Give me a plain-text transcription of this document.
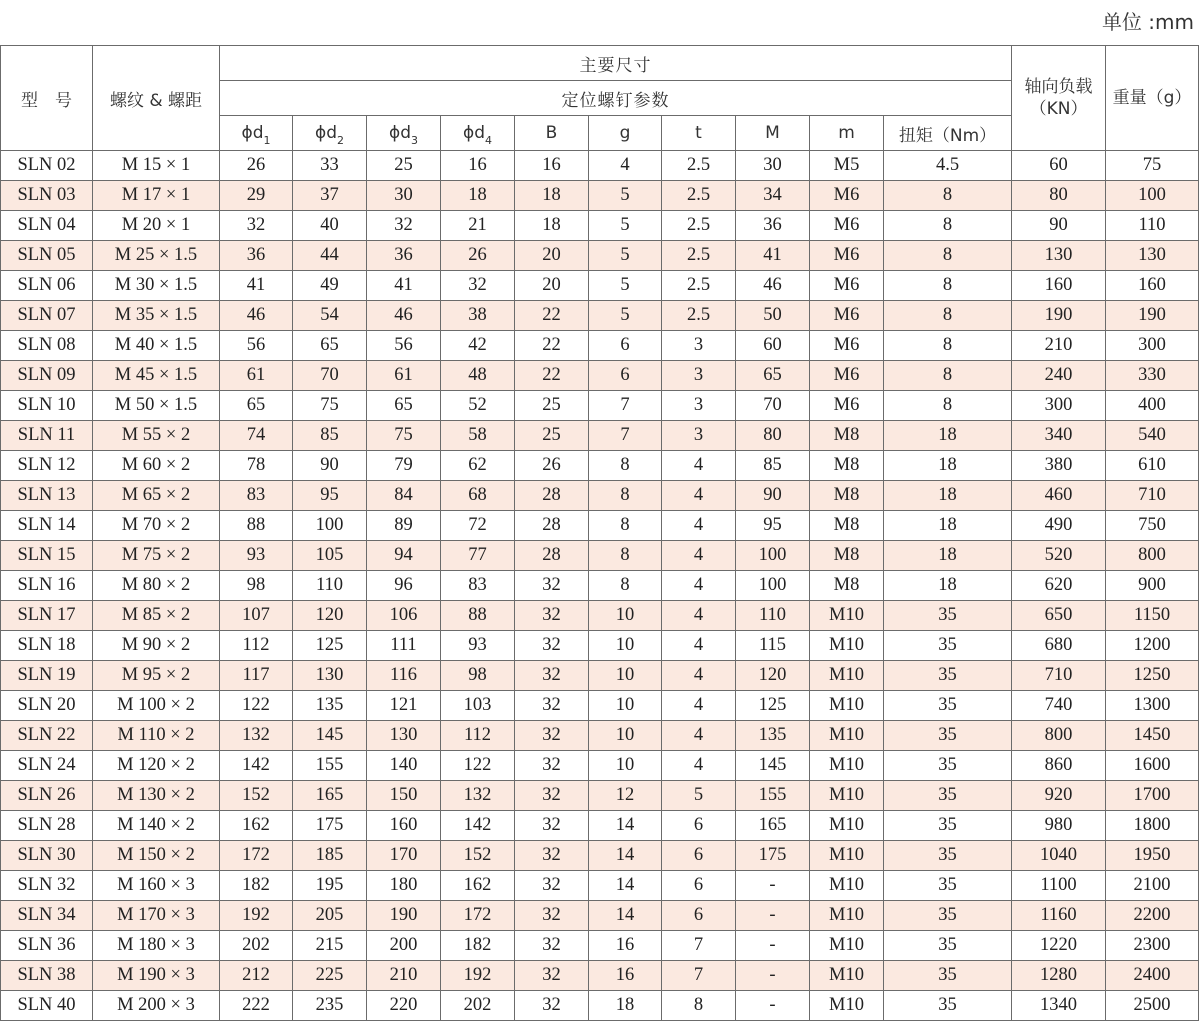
单位 :mm
型　号	螺纹 & 螺距	主要尺寸										轴向负载（KN）	重量（g）
		定位螺钉参数											
		$\phi d_1$	$\phi d_2$	$\phi d_3$	$\phi d_4$	B	g	t	M	m	扭矩（Nm）		
SLN 02	M 15 × 1	26	33	25	16	16	4	2.5	30	M5	4.5	60	75
SLN 03	M 17 × 1	29	37	30	18	18	5	2.5	34	M6	8	80	100
SLN 04	M 20 × 1	32	40	32	21	18	5	2.5	36	M6	8	90	110
SLN 05	M 25 × 1.5	36	44	36	26	20	5	2.5	41	M6	8	130	130
SLN 06	M 30 × 1.5	41	49	41	32	20	5	2.5	46	M6	8	160	160
SLN 07	M 35 × 1.5	46	54	46	38	22	5	2.5	50	M6	8	190	190
SLN 08	M 40 × 1.5	56	65	56	42	22	6	3	60	M6	8	210	300
SLN 09	M 45 × 1.5	61	70	61	48	22	6	3	65	M6	8	240	330
SLN 10	M 50 × 1.5	65	75	65	52	25	7	3	70	M6	8	300	400
SLN 11	M 55 × 2	74	85	75	58	25	7	3	80	M8	18	340	540
SLN 12	M 60 × 2	78	90	79	62	26	8	4	85	M8	18	380	610
SLN 13	M 65 × 2	83	95	84	68	28	8	4	90	M8	18	460	710
SLN 14	M 70 × 2	88	100	89	72	28	8	4	95	M8	18	490	750
SLN 15	M 75 × 2	93	105	94	77	28	8	4	100	M8	18	520	800
SLN 16	M 80 × 2	98	110	96	83	32	8	4	100	M8	18	620	900
SLN 17	M 85 × 2	107	120	106	88	32	10	4	110	M10	35	650	1150
SLN 18	M 90 × 2	112	125	111	93	32	10	4	115	M10	35	680	1200
SLN 19	M 95 × 2	117	130	116	98	32	10	4	120	M10	35	710	1250
SLN 20	M 100 × 2	122	135	121	103	32	10	4	125	M10	35	740	1300
SLN 22	M 110 × 2	132	145	130	112	32	10	4	135	M10	35	800	1450
SLN 24	M 120 × 2	142	155	140	122	32	10	4	145	M10	35	860	1600
SLN 26	M 130 × 2	152	165	150	132	32	12	5	155	M10	35	920	1700
SLN 28	M 140 × 2	162	175	160	142	32	14	6	165	M10	35	980	1800
SLN 30	M 150 × 2	172	185	170	152	32	14	6	175	M10	35	1040	1950
SLN 32	M 160 × 3	182	195	180	162	32	14	6	-	M10	35	1100	2100
SLN 34	M 170 × 3	192	205	190	172	32	14	6	-	M10	35	1160	2200
SLN 36	M 180 × 3	202	215	200	182	32	16	7	-	M10	35	1220	2300
SLN 38	M 190 × 3	212	225	210	192	32	16	7	-	M10	35	1280	2400
SLN 40	M 200 × 3	222	235	220	202	32	18	8	-	M10	35	1340	2500
